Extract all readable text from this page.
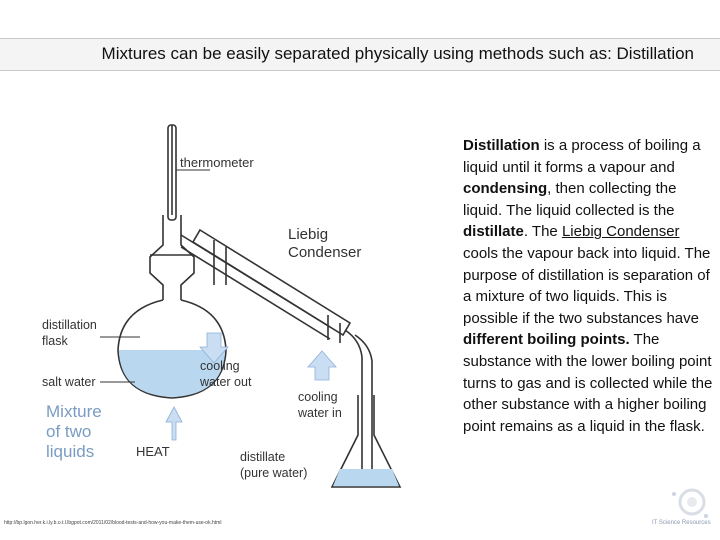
Mixtures can be easily separated physically using methods such as: Distillation
thermometer
Liebig
Condenser
distillation
flask
salt water
Mixture
of two
liquids	HEAT
cooling
water out
cooling
water in
distillate
(pure water)
Distillation is a process of boiling a liquid until it forms a vapour and condensing, then collecting the liquid. The liquid collected is the distillate. The Liebig Condenser cools the vapour back into liquid. The purpose of distillation is separation of a mixture of two liquids. This is possible if the two substances have different boiling points. The substance with the lower boiling point turns to gas and is collected while the other substance with a higher boiling point remains as a liquid in the flask.
http://bp.lgon.her.k.i.ly.b.o.t.l.lbgpot.com/2011/02/blood-tests-and-how-you-make-them-use-ok.html	IT Science Resources
